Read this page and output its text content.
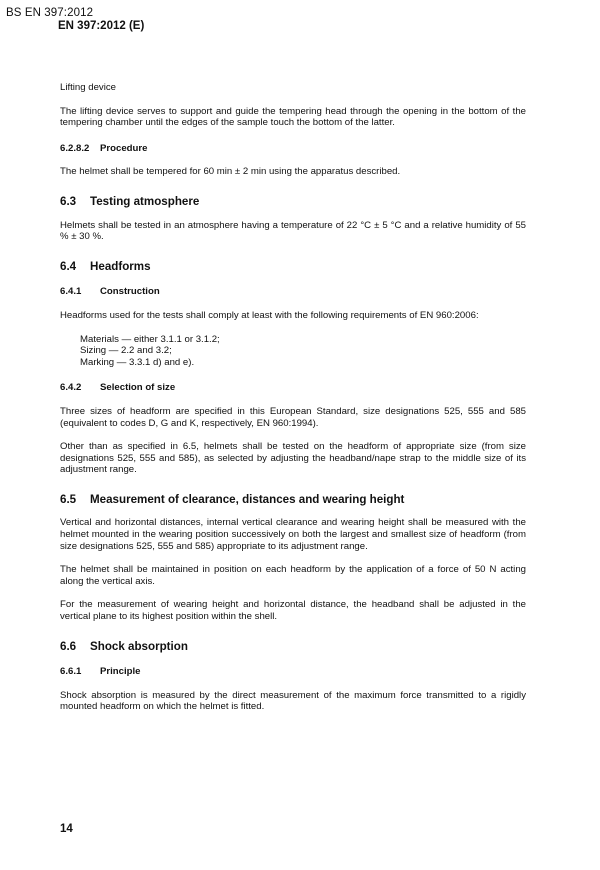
BS EN 397:2012
EN 397:2012 (E)

Lifting device

The lifting device serves to support and guide the tempering head through the opening in the bottom of the tempering chamber until the edges of the sample touch the bottom of the latter.

6.2.8.2 Procedure

The helmet shall be tempered for 60 min ± 2 min using the apparatus described.

6.3 Testing atmosphere

Helmets shall be tested in an atmosphere having a temperature of 22 °C ± 5 °C and a relative humidity of 55 % ± 30 %.

6.4 Headforms
6.4.1 Construction

Headforms used for the tests shall comply at least with the following requirements of EN 960:2006:

Materials — either 3.1.1 or 3.1.2;
Sizing — 2.2 and 3.2;
Marking — 3.3.1 d) and e).
6.4.2 Selection of size

Three sizes of headform are specified in this European Standard, size designations 525, 555 and 585 (equivalent to codes D, G and K, respectively, EN 960:1994).

Other than as specified in 6.5, helmets shall be tested on the headform of appropriate size (from size designations 525, 555 and 585), as selected by adjusting the headband/nape strap to the middle size of its adjustment range.

6.5 Measurement of clearance, distances and wearing height

Vertical and horizontal distances, internal vertical clearance and wearing height shall be measured with the helmet mounted in the wearing position successively on both the largest and smallest size of headform (from size designations 525, 555 and 585) appropriate to its adjustment range.

The helmet shall be maintained in position on each headform by the application of a force of 50 N acting along the vertical axis.

For the measurement of wearing height and horizontal distance, the headband shall be adjusted in the vertical plane to its highest position within the shell.

6.6 Shock absorption
6.6.1 Principle

Shock absorption is measured by the direct measurement of the maximum force transmitted to a rigidly mounted headform on which the helmet is fitted.

14
